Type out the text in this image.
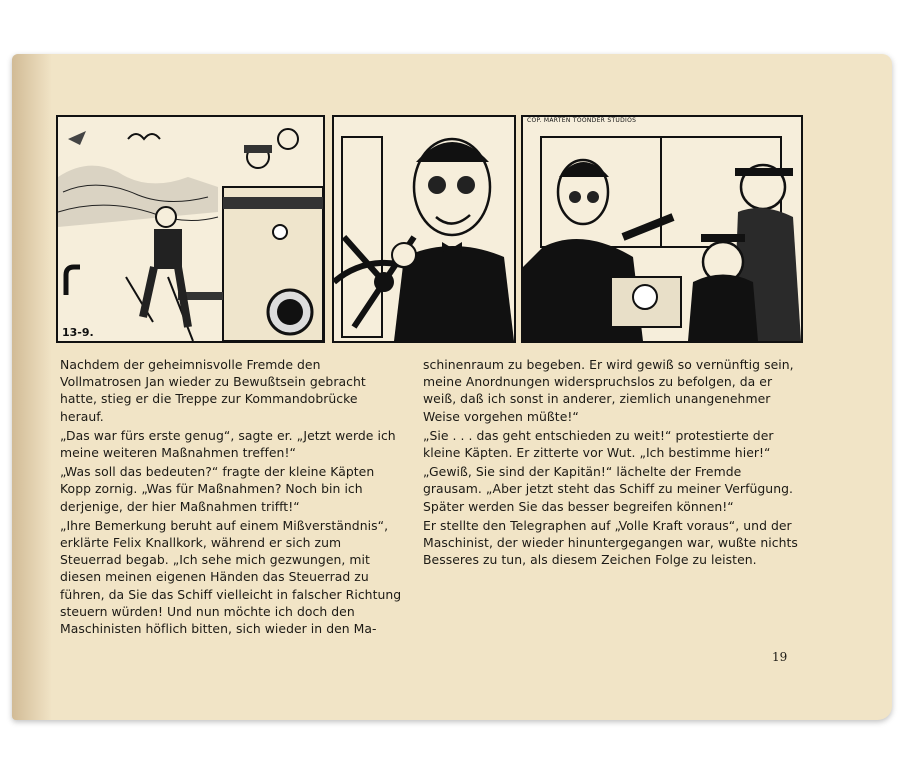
13-9.
COP. MARTEN TOONDER STUDIOS

Nachdem der geheimnisvolle Fremde den Vollmatrosen Jan wieder zu Bewußtsein gebracht hatte, stieg er die Treppe zur Kommandobrücke herauf.

„Das war fürs erste genug“, sagte er. „Jetzt werde ich meine weiteren Maßnahmen treffen!“

„Was soll das bedeuten?“ fragte der kleine Käpten Kopp zornig. „Was für Maßnahmen? Noch bin ich derjenige, der hier Maßnahmen trifft!“

„Ihre Bemerkung beruht auf einem Mißverständnis“, erklärte Felix Knallkork, während er sich zum Steuerrad begab. „Ich sehe mich gezwungen, mit diesen meinen eigenen Händen das Steuerrad zu führen, da Sie das Schiff vielleicht in falscher Richtung steuern würden! Und nun möchte ich doch den Maschinisten höflich bitten, sich wieder in den Ma-

schinenraum zu begeben. Er wird gewiß so vernünftig sein, meine Anordnungen widerspruchslos zu befolgen, da er weiß, daß ich sonst in anderer, ziemlich unangenehmer Weise vorgehen müßte!“

„Sie . . . das geht entschieden zu weit!“ protestierte der kleine Käpten. Er zitterte vor Wut. „Ich bestimme hier!“

„Gewiß, Sie sind der Kapitän!“ lächelte der Fremde grausam. „Aber jetzt steht das Schiff zu meiner Verfügung. Später werden Sie das besser begreifen können!“

Er stellte den Telegraphen auf „Volle Kraft voraus“, und der Maschinist, der wieder hinuntergegangen war, wußte nichts Besseres zu tun, als diesem Zeichen Folge zu leisten.

19
